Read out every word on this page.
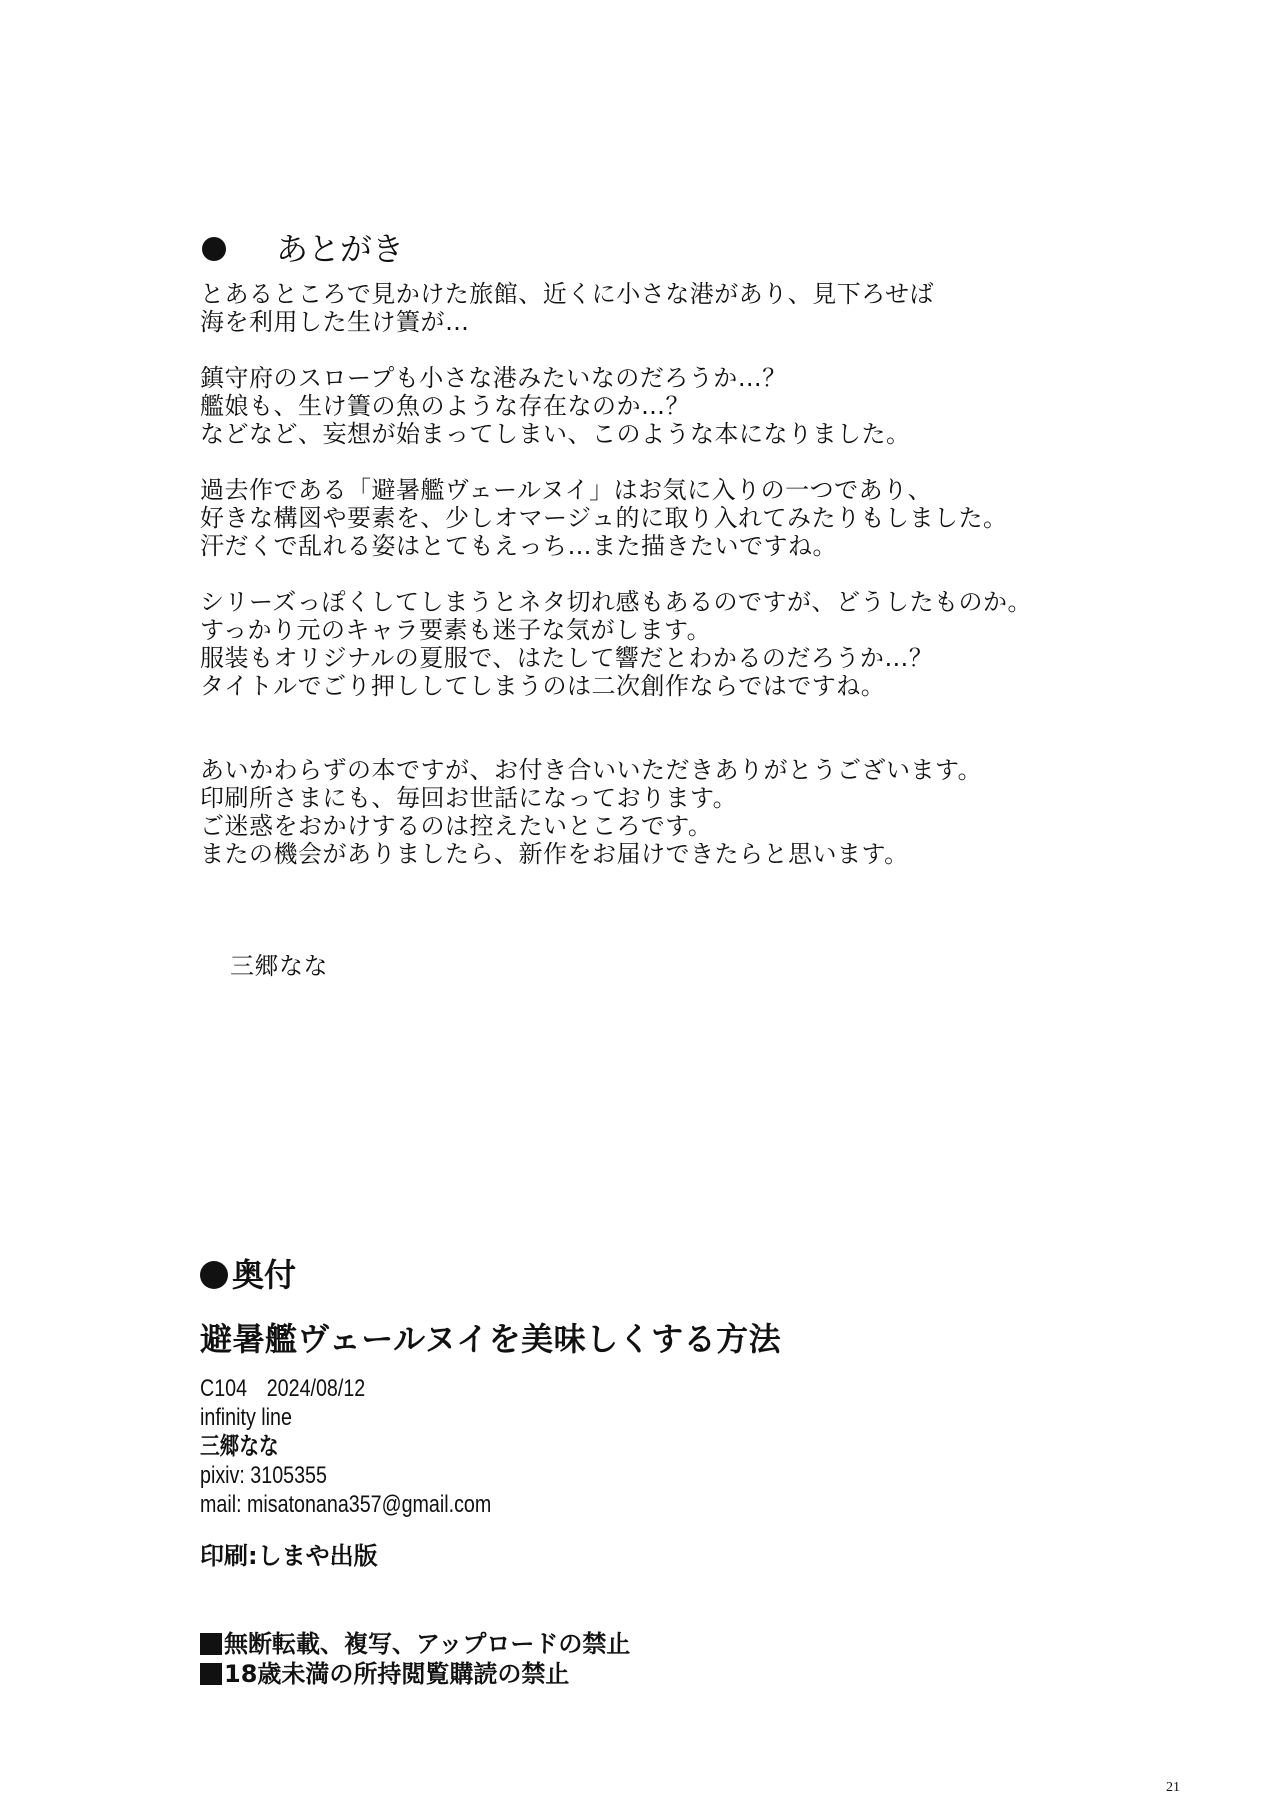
あとがき

とあるところで見かけた旅館、近くに小さな港があり、見下ろせば
海を利用した生け簀が…

鎮守府のスロープも小さな港みたいなのだろうか…？
艦娘も、生け簀の魚のような存在なのか…？
などなど、妄想が始まってしまい、このような本になりました。

過去作である「避暑艦ヴェールヌイ」はお気に入りの一つであり、
好きな構図や要素を、少しオマージュ的に取り入れてみたりもしました。
汗だくで乱れる姿はとてもえっち…また描きたいですね。

シリーズっぽくしてしまうとネタ切れ感もあるのですが、どうしたものか。
すっかり元のキャラ要素も迷子な気がします。
服装もオリジナルの夏服で、はたして響だとわかるのだろうか…？
タイトルでごり押ししてしまうのは二次創作ならではですね。

あいかわらずの本ですが、お付き合いいただきありがとうございます。
印刷所さまにも、毎回お世話になっております。
ご迷惑をおかけするのは控えたいところです。
またの機会がありましたら、新作をお届けできたらと思います。

三郷なな
奥付
避暑艦ヴェールヌイを美味しくする方法
C104　2024/08/12
infinity line
三郷なな
pixiv: 3105355
mail: misatonana357@gmail.com
印刷:しまや出版
無断転載、複写、アップロードの禁止
18歳未満の所持閲覧購読の禁止
21
